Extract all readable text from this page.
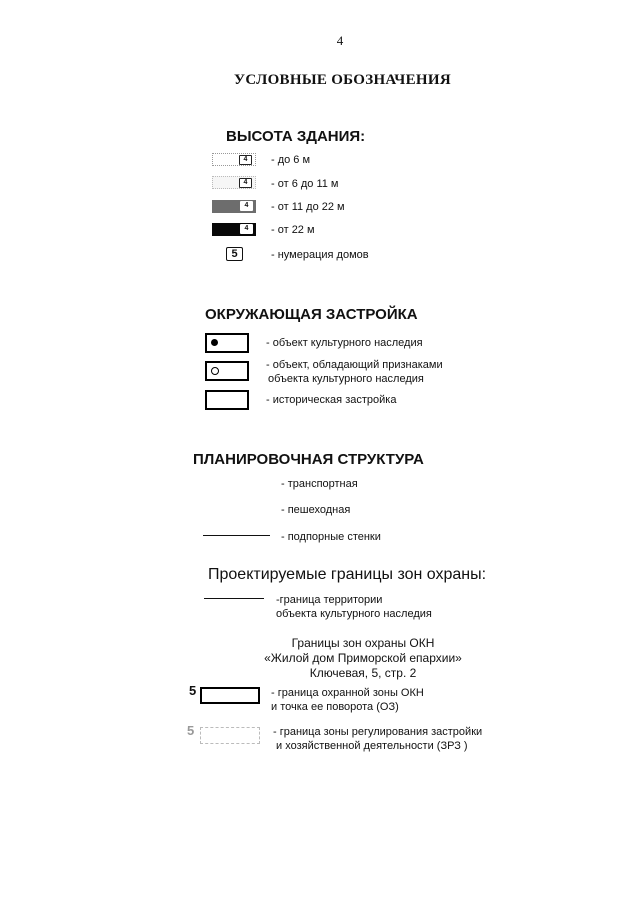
4
УСЛОВНЫЕ ОБОЗНАЧЕНИЯ
ВЫСОТА ЗДАНИЯ:
4	- до 6 м
4	- от 6 до 11 м
4	- от 11 до 22 м
4	- от 22 м
5	- нумерация домов
ОКРУЖАЮЩАЯ ЗАСТРОЙКА
- объект культурного наследия
- объект, обладающий признаками
объекта культурного наследия
- историческая застройка
ПЛАНИРОВОЧНАЯ СТРУКТУРА
- транспортная
- пешеходная
- подпорные стенки
Проектируемые границы зон охраны:
-граница территории
объекта культурного наследия
Границы зон охраны ОКН
«Жилой дом Приморской епархии»
Ключевая, 5, стр. 2
5	- граница охранной зоны ОКН
и точка ее поворота (ОЗ)
5	- граница зоны регулирования застройки
и хозяйственной деятельности (ЗРЗ )
